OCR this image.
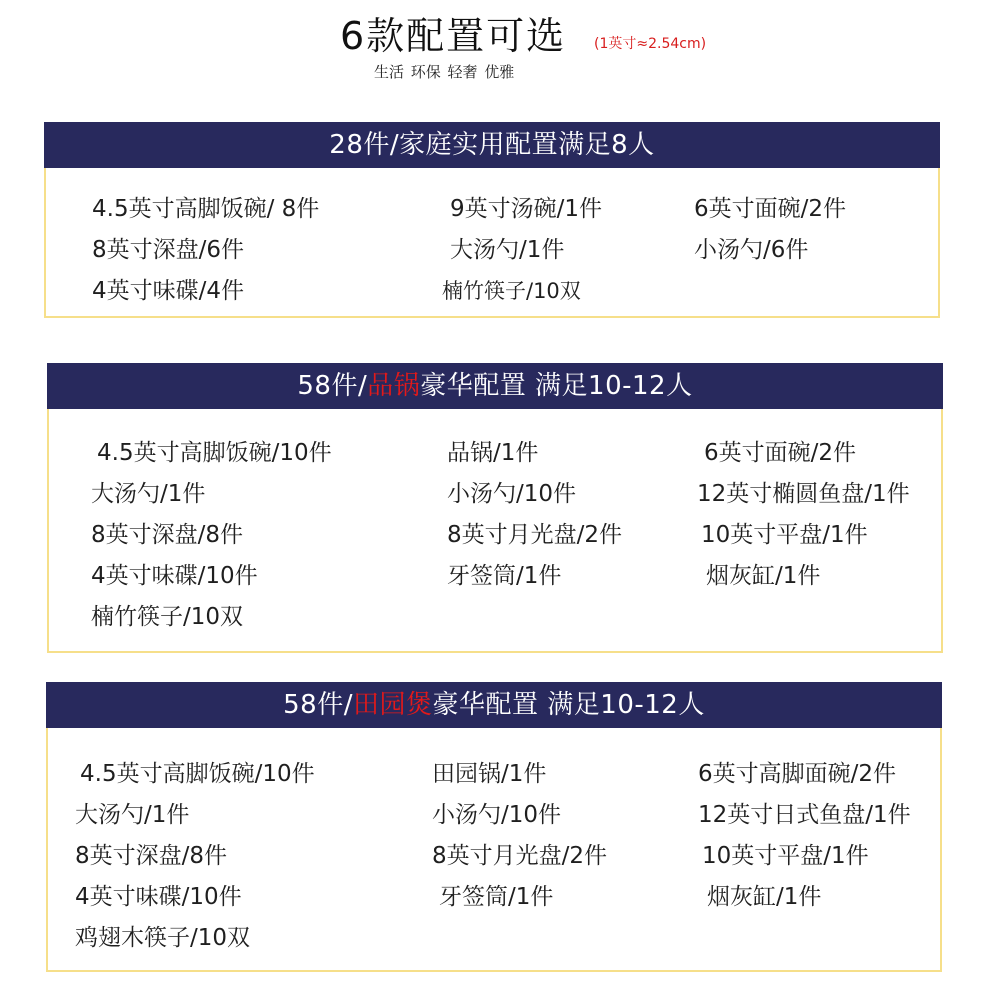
6款配置可选 (1英寸≈2.54cm)
生活 环保 轻奢 优雅
28件/家庭实用配置满足8人
4.5英寸高脚饭碗/ 8件	9英寸汤碗/1件	6英寸面碗/2件
8英寸深盘/6件	大汤勺/1件	小汤勺/6件
4英寸味碟/4件	楠竹筷子/10双
58件/品锅豪华配置 满足10-12人
4.5英寸高脚饭碗/10件	品锅/1件	6英寸面碗/2件
大汤勺/1件	小汤勺/10件	12英寸椭圆鱼盘/1件
8英寸深盘/8件	8英寸月光盘/2件	10英寸平盘/1件
4英寸味碟/10件	牙签筒/1件	烟灰缸/1件
楠竹筷子/10双
58件/田园煲豪华配置 满足10-12人
4.5英寸高脚饭碗/10件	田园锅/1件	6英寸高脚面碗/2件
大汤勺/1件	小汤勺/10件	12英寸日式鱼盘/1件
8英寸深盘/8件	8英寸月光盘/2件	10英寸平盘/1件
4英寸味碟/10件	牙签筒/1件	烟灰缸/1件
鸡翅木筷子/10双
